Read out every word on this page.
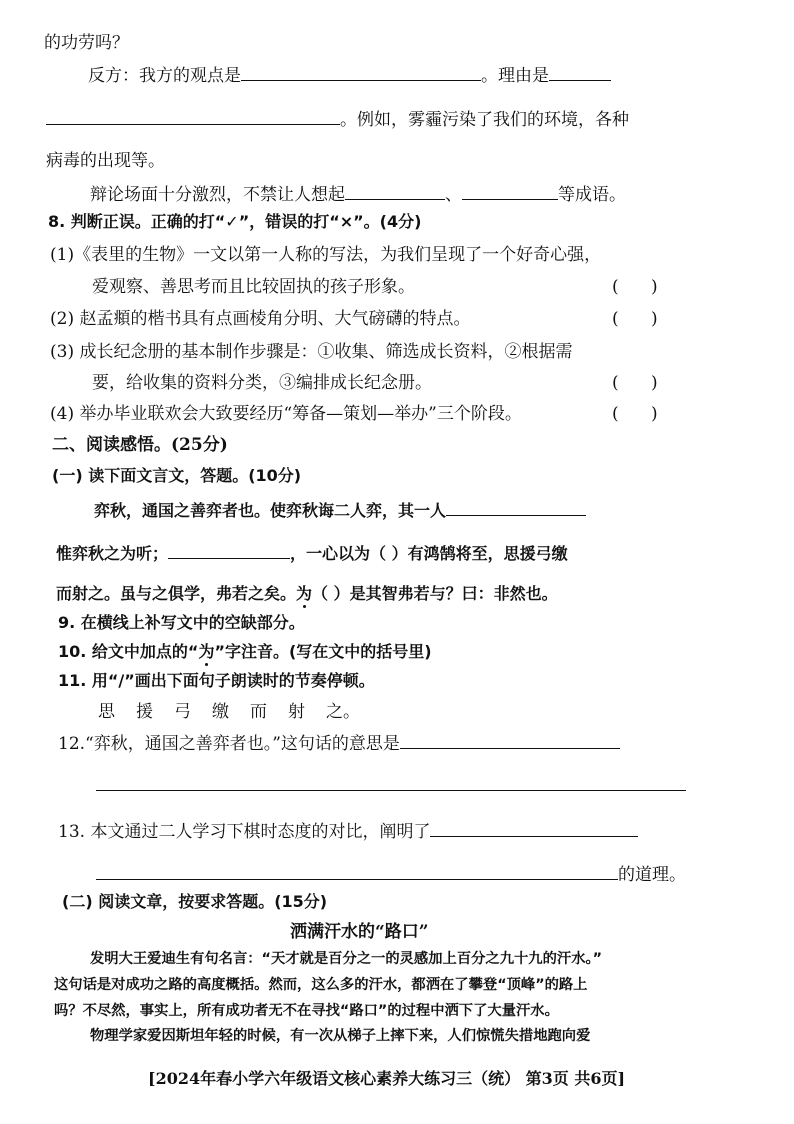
的功劳吗？
反方：我方的观点是	。理由是
。例如，雾霾污染了我们的环境，各种
病毒的出现等。
辩论场面十分激烈，不禁让人想起	、	等成语。
8. 判断正误。正确的打“✓”，错误的打“×”。(4分)
(1)《表里的生物》一文以第一人称的写法，为我们呈现了一个好奇心强，
爱观察、善思考而且比较固执的孩子形象。	(      )
(2) 赵孟頫的楷书具有点画棱角分明、大气磅礴的特点。	(      )
(3) 成长纪念册的基本制作步骤是：①收集、筛选成长资料，②根据需
要，给收集的资料分类，③编排成长纪念册。	(      )
(4) 举办毕业联欢会大致要经历“筹备—策划—举办”三个阶段。	(      )
二、阅读感悟。(25分)
(一) 读下面文言文，答题。(10分)
弈秋，通国之善弈者也。使弈秋诲二人弈，其一人
惟弈秋之为听；	，一心以为（ ）有鸿鹄将至，思援弓缴
而射之。虽与之俱学，弗若之矣。为（ ）是其智弗若与？曰：非然也。
9. 在横线上补写文中的空缺部分。
10. 给文中加点的“为”字注音。(写在文中的括号里)
11. 用“/”画出下面句子朗读时的节奏停顿。
思 援 弓 缴 而 射 之。
12.“弈秋，通国之善弈者也。”这句话的意思是
13. 本文通过二人学习下棋时态度的对比，阐明了
的道理。
(二) 阅读文章，按要求答题。(15分)
洒满汗水的“路口”
发明大王爱迪生有句名言：“天才就是百分之一的灵感加上百分之九十九的汗水。”
这句话是对成功之路的高度概括。然而，这么多的汗水，都洒在了攀登“顶峰”的路上
吗？不尽然，事实上，所有成功者无不在寻找“路口”的过程中洒下了大量汗水。
物理学家爱因斯坦年轻的时候，有一次从梯子上摔下来，人们惊慌失措地跑向爱
[2024年春小学六年级语文核心素养大练习三（统） 第3页 共6页]
